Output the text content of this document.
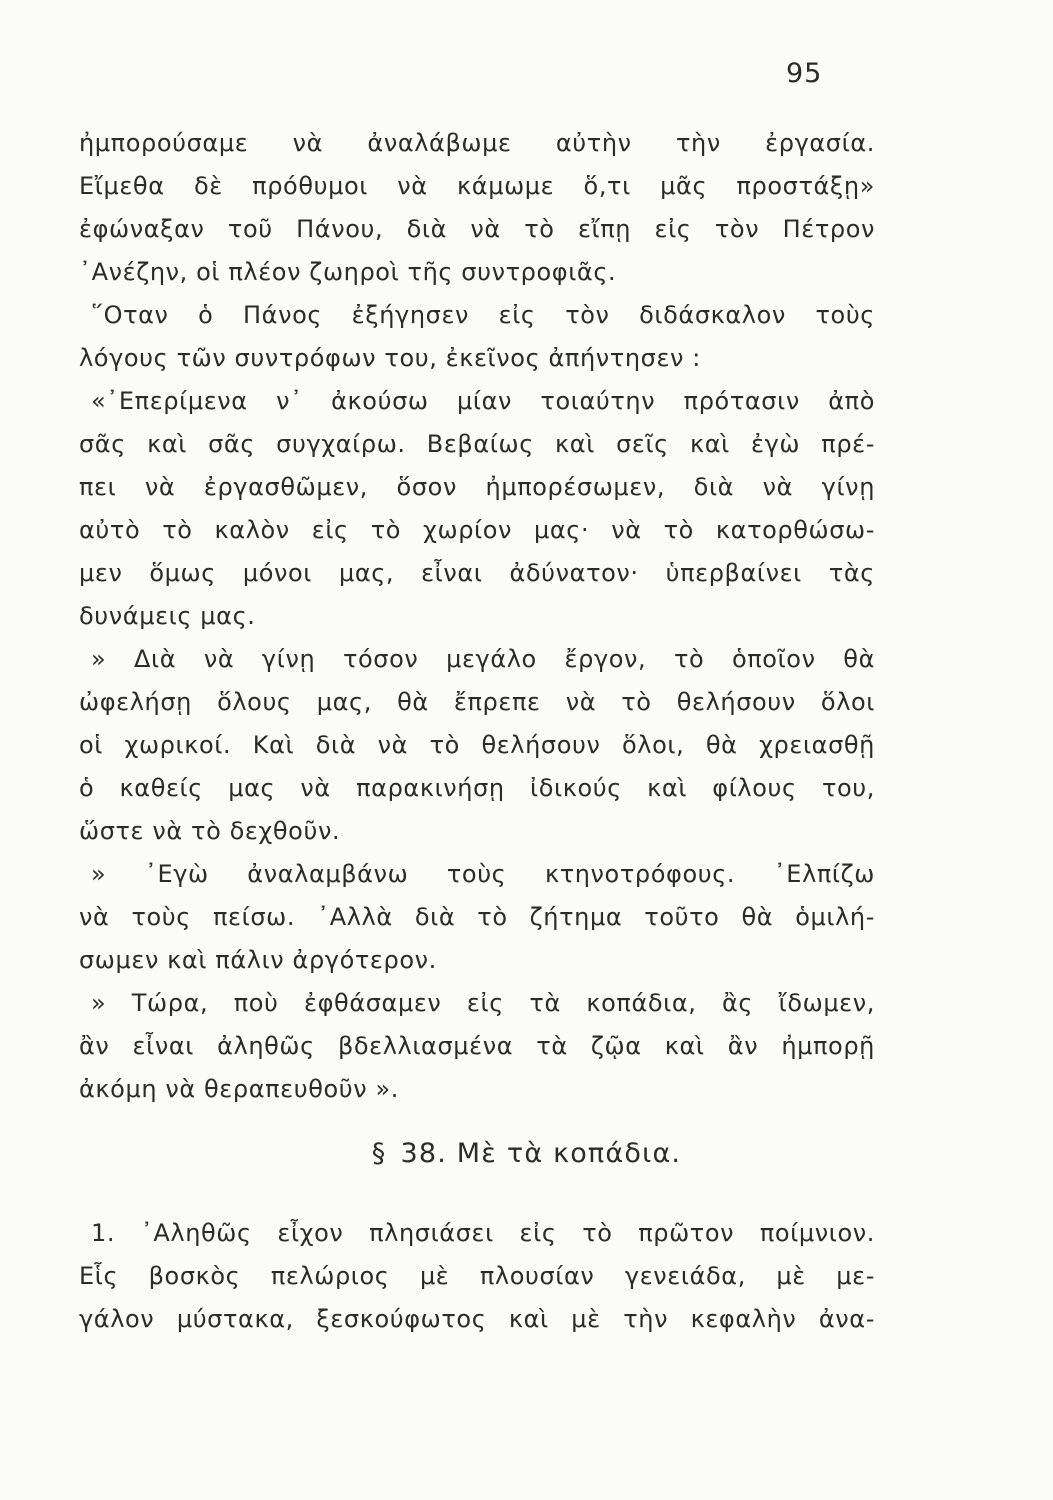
95
ἠμπορούσαμε νὰ ἀναλάβωμε αὐτὴν τὴν ἐργασία.
Εἴμεθα δὲ πρόθυμοι νὰ κάμωμε ὅ,τι μᾶς προστάξῃ»
ἐφώναξαν τοῦ Πάνου, διὰ νὰ τὸ εἴπῃ εἰς τὸν Πέτρον
᾿Ανέζην, οἱ πλέον ζωηροὶ τῆς συντροφιᾶς.
῞Οταν ὁ Πάνος ἐξήγησεν εἰς τὸν διδάσκαλον τοὺς
λόγους τῶν συντρόφων του, ἐκεῖνος ἀπήντησεν :
«᾿Επερίμενα ν᾿ ἀκούσω μίαν τοιαύτην πρότασιν ἀπὸ
σᾶς καὶ σᾶς συγχαίρω. Βεβαίως καὶ σεῖς καὶ ἐγὼ πρέ-
πει νὰ ἐργασθῶμεν, ὅσον ἠμπορέσωμεν, διὰ νὰ γίνῃ
αὐτὸ τὸ καλὸν εἰς τὸ χωρίον μας· νὰ τὸ κατορθώσω-
μεν ὅμως μόνοι μας, εἶναι ἀδύνατον· ὑπερβαίνει τὰς
δυνάμεις μας.
» Διὰ νὰ γίνῃ τόσον μεγάλο ἔργον, τὸ ὁποῖον θὰ
ὠφελήσῃ ὅλους μας, θὰ ἔπρεπε νὰ τὸ θελήσουν ὅλοι
οἱ χωρικοί. Καὶ διὰ νὰ τὸ θελήσουν ὅλοι, θὰ χρειασθῇ
ὁ καθείς μας νὰ παρακινήσῃ ἰδικούς καὶ φίλους του,
ὥστε νὰ τὸ δεχθοῦν.
» ᾿Εγὼ ἀναλαμβάνω τοὺς κτηνοτρόφους. ᾿Ελπίζω
νὰ τοὺς πείσω. ᾿Αλλὰ διὰ τὸ ζήτημα τοῦτο θὰ ὁμιλή-
σωμεν καὶ πάλιν ἀργότερον.
» Τώρα, ποὺ ἐφθάσαμεν εἰς τὰ κοπάδια, ἂς ἴδωμεν,
ἂν εἶναι ἀληθῶς βδελλιασμένα τὰ ζῷα καὶ ἂν ἠμπορῇ
ἀκόμη νὰ θεραπευθοῦν ».
§ 38. Μὲ τὰ κοπάδια.
1. ᾿Αληθῶς εἶχον πλησιάσει εἰς τὸ πρῶτον ποίμνιον.
Εἷς βοσκὸς πελώριος μὲ πλουσίαν γενειάδα, μὲ με-
γάλον μύστακα, ξεσκούφωτος καὶ μὲ τὴν κεφαλὴν ἀνα-
